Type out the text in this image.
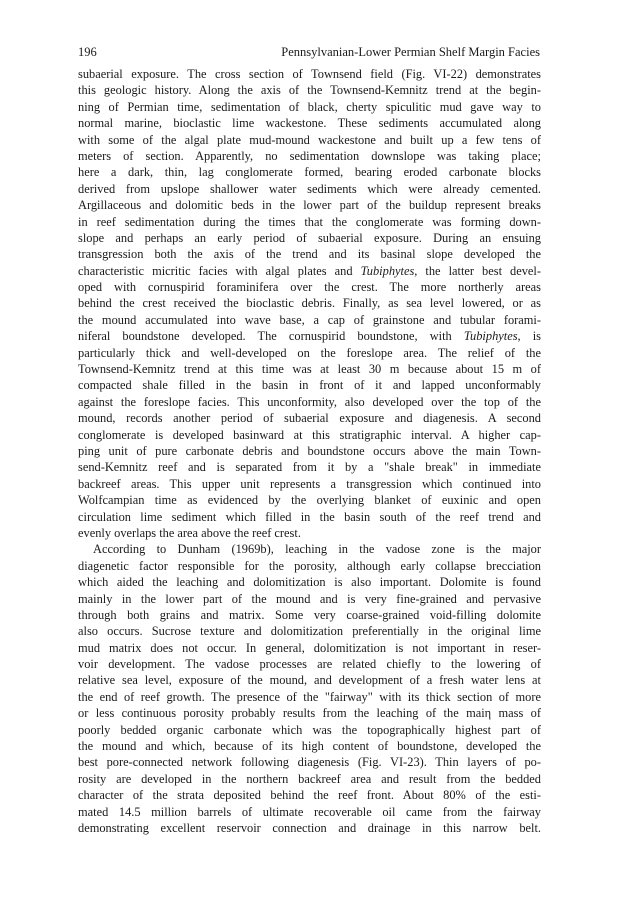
196	Pennsylvanian-Lower Permian Shelf Margin Facies
subaerial exposure. The cross section of Townsend field (Fig. VI-22) demonstrates
this geologic history. Along the axis of the Townsend-Kemnitz trend at the begin-
ning of Permian time, sedimentation of black, cherty spiculitic mud gave way to
normal marine, bioclastic lime wackestone. These sediments accumulated along
with some of the algal plate mud-mound wackestone and built up a few tens of
meters of section. Apparently, no sedimentation downslope was taking place;
here a dark, thin, lag conglomerate formed, bearing eroded carbonate blocks
derived from upslope shallower water sediments which were already cemented.
Argillaceous and dolomitic beds in the lower part of the buildup represent breaks
in reef sedimentation during the times that the conglomerate was forming down-
slope and perhaps an early period of subaerial exposure. During an ensuing
transgression both the axis of the trend and its basinal slope developed the
characteristic micritic facies with algal plates and Tubiphytes, the latter best devel-
oped with cornuspirid foraminifera over the crest. The more northerly areas
behind the crest received the bioclastic debris. Finally, as sea level lowered, or as
the mound accumulated into wave base, a cap of grainstone and tubular forami-
niferal boundstone developed. The cornuspirid boundstone, with Tubiphytes, is
particularly thick and well-developed on the foreslope area. The relief of the
Townsend-Kemnitz trend at this time was at least 30 m because about 15 m of
compacted shale filled in the basin in front of it and lapped unconformably
against the foreslope facies. This unconformity, also developed over the top of the
mound, records another period of subaerial exposure and diagenesis. A second
conglomerate is developed basinward at this stratigraphic interval. A higher cap-
ping unit of pure carbonate debris and boundstone occurs above the main Town-
send-Kemnitz reef and is separated from it by a "shale break" in immediate
backreef areas. This upper unit represents a transgression which continued into
Wolfcampian time as evidenced by the overlying blanket of euxinic and open
circulation lime sediment which filled in the basin south of the reef trend and
evenly overlaps the area above the reef crest.
According to Dunham (1969b), leaching in the vadose zone is the major
diagenetic factor responsible for the porosity, although early collapse brecciation
which aided the leaching and dolomitization is also important. Dolomite is found
mainly in the lower part of the mound and is very fine-grained and pervasive
through both grains and matrix. Some very coarse-grained void-filling dolomite
also occurs. Sucrose texture and dolomitization preferentially in the original lime
mud matrix does not occur. In general, dolomitization is not important in reser-
voir development. The vadose processes are related chiefly to the lowering of
relative sea level, exposure of the mound, and development of a fresh water lens at
the end of reef growth. The presence of the "fairway" with its thick section of more
or less continuous porosity probably results from the leaching of the maiη mass of
poorly bedded organic carbonate which was the topographically highest part of
the mound and which, because of its high content of boundstone, developed the
best pore-connected network following diagenesis (Fig. VI-23). Thin layers of po-
rosity are developed in the northern backreef area and result from the bedded
character of the strata deposited behind the reef front. About 80% of the esti-
mated 14.5 million barrels of ultimate recoverable oil came from the fairway
demonstrating excellent reservoir connection and drainage in this narrow belt.
